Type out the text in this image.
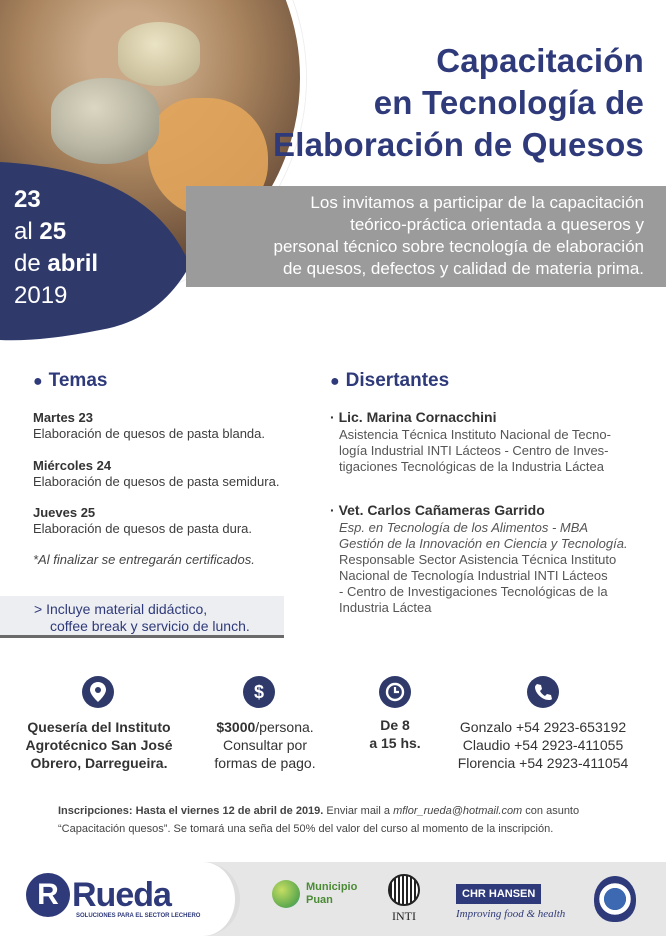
23
al 25
de abril
2019
Capacitación
en Tecnología de
Elaboración de Quesos
Los invitamos a participar de la capacitación
teórico-práctica orientada a queseros y
personal técnico sobre tecnología de elaboración
de quesos, defectos y calidad de materia prima.
● Temas
Martes 23
Elaboración de quesos de pasta blanda.
Miércoles 24
Elaboración de quesos de pasta semidura.
Jueves 25
Elaboración de quesos de pasta dura.
*Al finalizar se entregarán certificados.
> Incluye material didáctico,
coffee break y servicio de lunch.
● Disertantes
· Lic. Marina Cornacchini
Asistencia Técnica Instituto Nacional de Tecno-
logía Industrial INTI Lácteos - Centro de Inves-
tigaciones Tecnológicas de la Industria Láctea
· Vet. Carlos Cañameras Garrido
Esp. en Tecnología de los Alimentos - MBA
Gestión de la Innovación en Ciencia y Tecnología.
Responsable Sector Asistencia Técnica Instituto
Nacional de Tecnología Industrial INTI Lácteos
- Centro de Investigaciones Tecnológicas de la
Industria Láctea
$
Quesería del Instituto
Agrotécnico San José
Obrero, Darregueira.
$3000/persona.
Consultar por
formas de pago.
De 8
a 15 hs.
Gonzalo +54 2923-653192
Claudio +54 2923-411055
Florencia +54 2923-411054
Inscripciones: Hasta el viernes 12 de abril de 2019. Enviar mail a mflor_rueda@hotmail.com con asunto
“Capacitación quesos”. Se tomará una seña del 50% del valor del curso al momento de la inscripción.
R Rueda
SOLUCIONES PARA EL SECTOR LECHERO
Municipio
Puan
INTI
CHR HANSEN
Improving food & health
